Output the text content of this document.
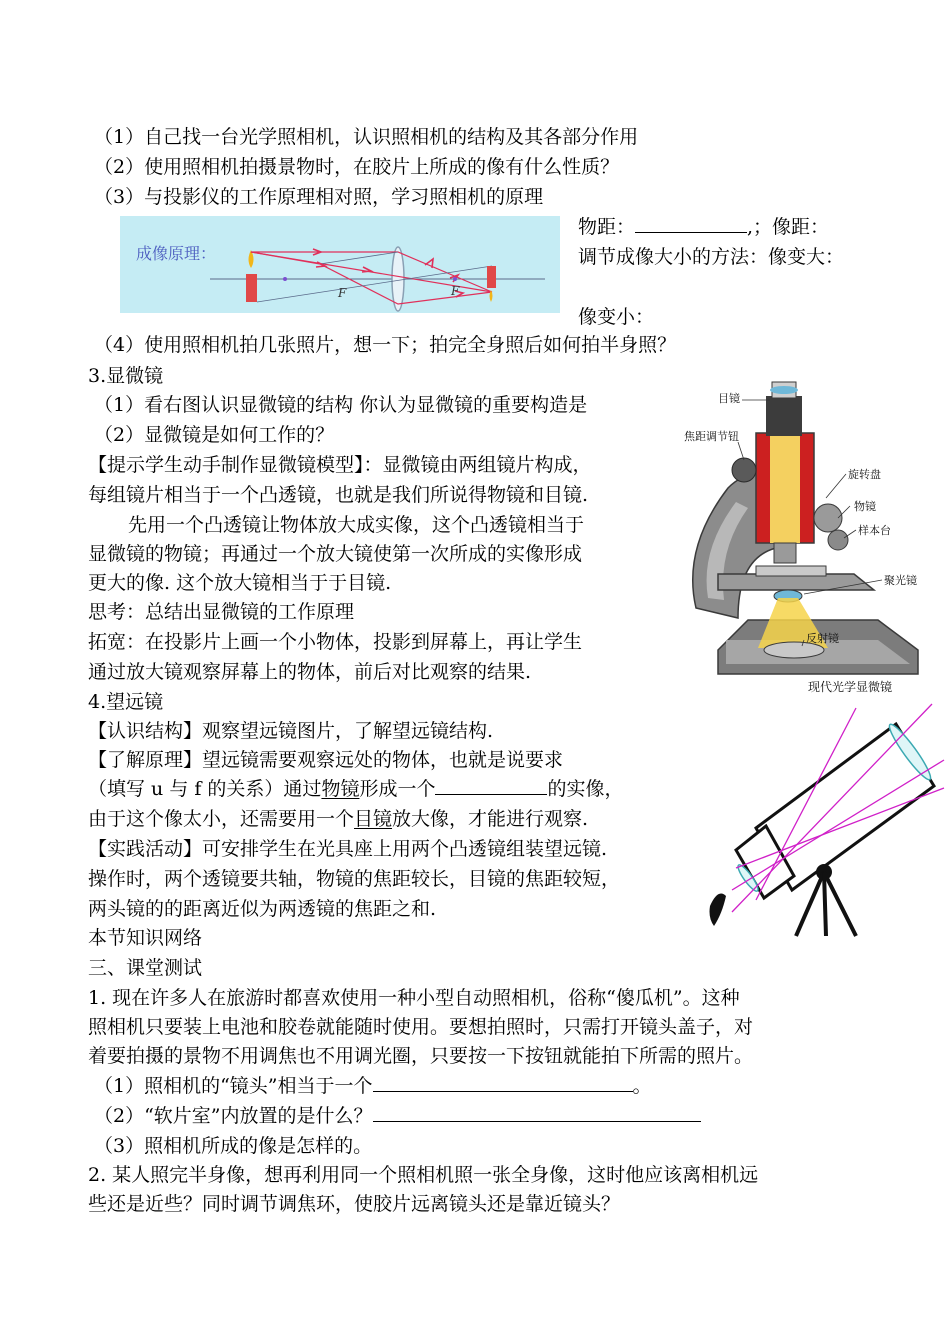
（1）自己找一台光学照相机，认识照相机的结构及其各部分作用
（2）使用照相机拍摄景物时，在胶片上所成的像有什么性质？
（3）与投影仪的工作原理相对照，学习照相机的原理
成像原理：
F	F
物距：	,；像距：
调节成像大小的方法：像变大：
像变小：
（4）使用照相机拍几张照片，想一下；拍完全身照后如何拍半身照？
3.显微镜
（1）看右图认识显微镜的结构 你认为显微镜的重要构造是
（2）显微镜是如何工作的？
【提示学生动手制作显微镜模型】：显微镜由两组镜片构成，
每组镜片相当于一个凸透镜，也就是我们所说得物镜和目镜.
先用一个凸透镜让物体放大成实像，这个凸透镜相当于
显微镜的物镜；再通过一个放大镜使第一次所成的实像形成
更大的像. 这个放大镜相当于于目镜.
思考：总结出显微镜的工作原理
拓宽：在投影片上画一个小物体，投影到屏幕上，再让学生
通过放大镜观察屏幕上的物体，前后对比观察的结果.
目镜
焦距调节钮
旋转盘
物镜
样本台
聚光镜
反射镜
现代光学显微镜
4.望远镜
【认识结构】观察望远镜图片，了解望远镜结构.
【了解原理】望远镜需要观察远处的物体，也就是说要求
（填写 u 与 f 的关系）通过物镜形成一个	的实像，
由于这个像太小，还需要用一个目镜放大像，才能进行观察.
【实践活动】可安排学生在光具座上用两个凸透镜组装望远镜.
操作时，两个透镜要共轴，物镜的焦距较长，目镜的焦距较短，
两头镜的的距离近似为两透镜的焦距之和.
本节知识网络
三、课堂测试
1. 现在许多人在旅游时都喜欢使用一种小型自动照相机，俗称“傻瓜机”。这种
照相机只要装上电池和胶卷就能随时使用。要想拍照时，只需打开镜头盖子，对
着要拍摄的景物不用调焦也不用调光圈，只要按一下按钮就能拍下所需的照片。
（1）照相机的“镜头”相当于一个	。
（2）“软片室”内放置的是什么？
（3）照相机所成的像是怎样的。
2. 某人照完半身像，想再利用同一个照相机照一张全身像，这时他应该离相机远
些还是近些？同时调节调焦环，使胶片远离镜头还是靠近镜头？
